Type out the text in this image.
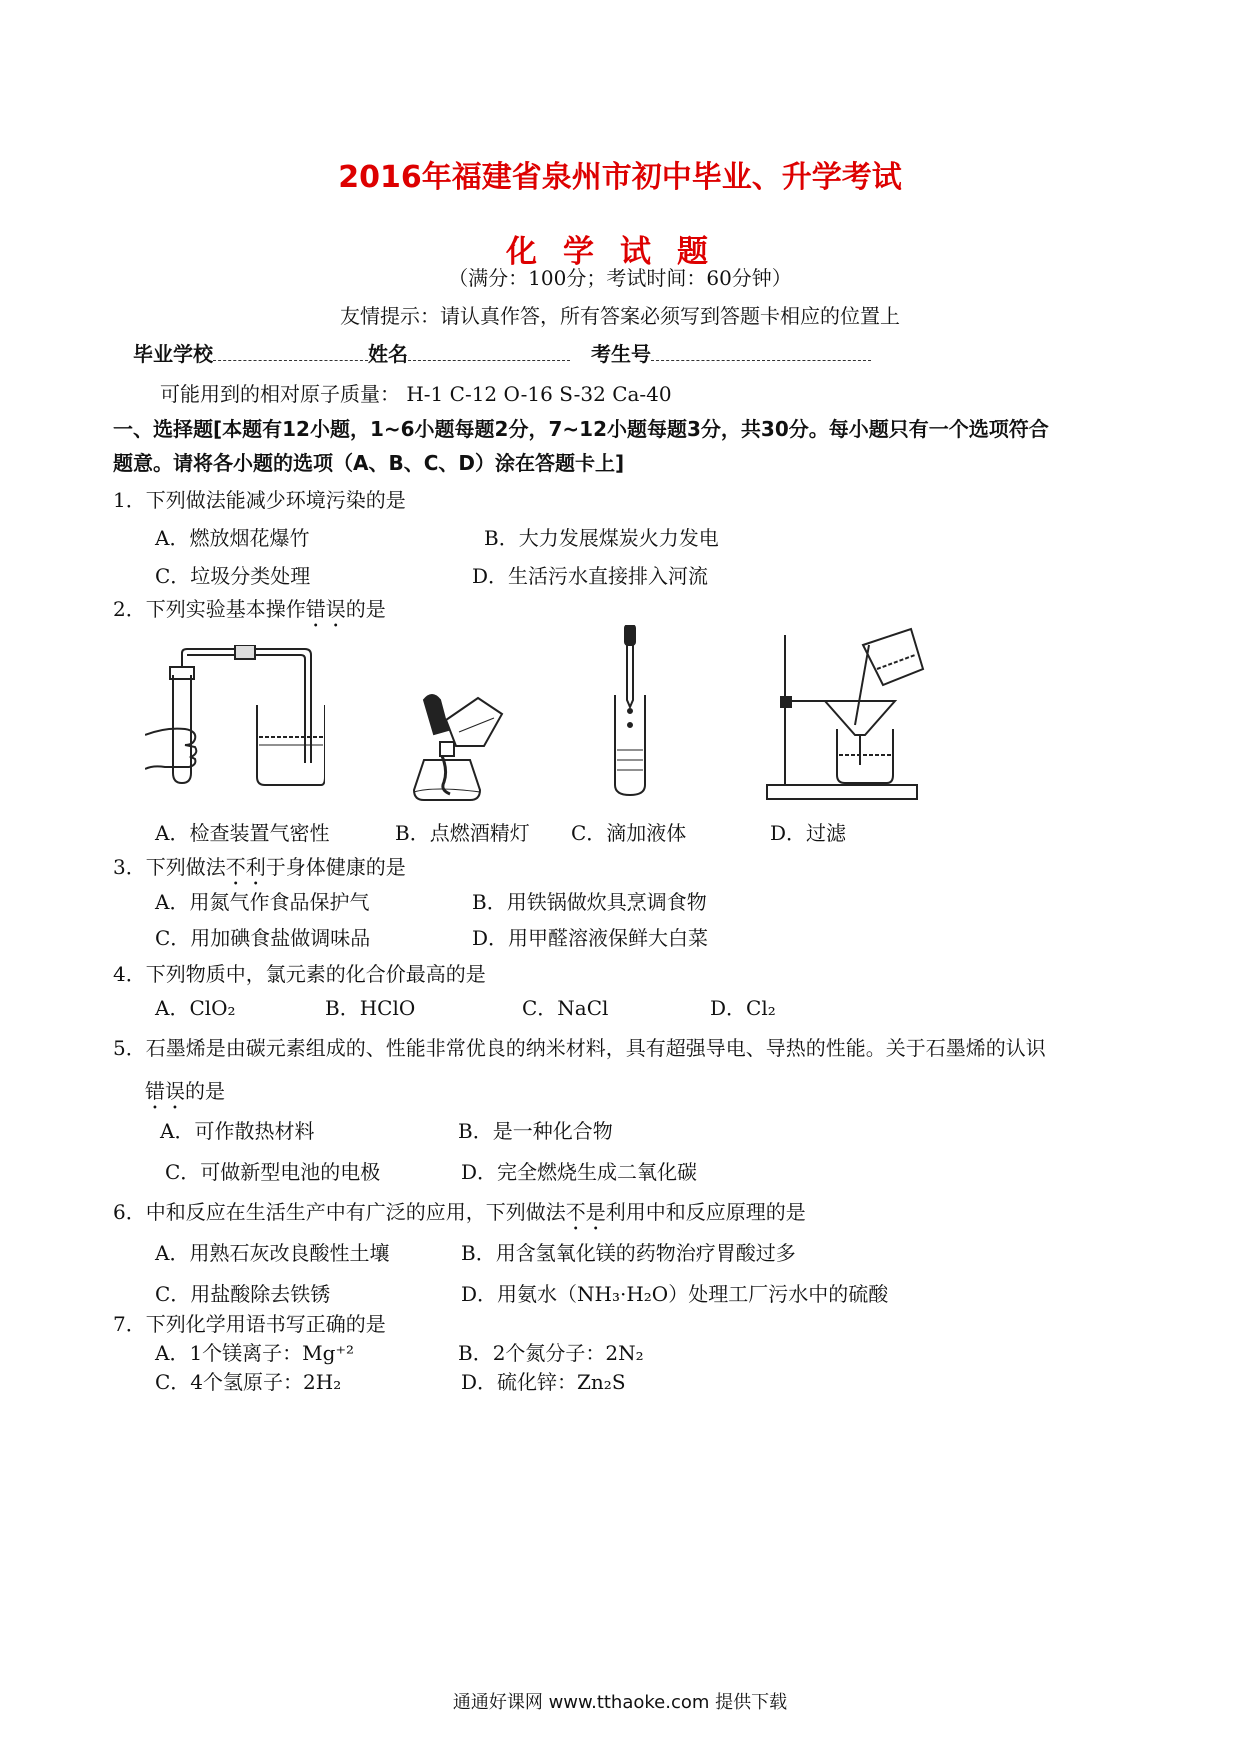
2016年福建省泉州市初中毕业、升学考试
化学试题
（满分：100分；考试时间：60分钟）
友情提示：请认真作答，所有答案必须写到答题卡相应的位置上
毕业学校	姓名	考生号
可能用到的相对原子质量： H-1 C-12 O-16 S-32 Ca-40
一、选择题[本题有12小题，1~6小题每题2分，7~12小题每题3分，共30分。每小题只有一个选项符合
题意。请将各小题的选项（A、B、C、D）涂在答题卡上]
1．下列做法能减少环境污染的是
A．燃放烟花爆竹	B．大力发展煤炭火力发电
C．垃圾分类处理	D．生活污水直接排入河流
2．下列实验基本操作错误的是
A．检查装置气密性	B．点燃酒精灯 C．滴加液体	D．过滤
3．下列做法不利于身体健康的是
A．用氮气作食品保护气	B．用铁锅做炊具烹调食物
C．用加碘食盐做调味品	D．用甲醛溶液保鲜大白菜
4．下列物质中，氯元素的化合价最高的是
A．ClO₂	B．HClO	C．NaCl	D．Cl₂
5．石墨烯是由碳元素组成的、性能非常优良的纳米材料，具有超强导电、导热的性能。关于石墨烯的认识
错误的是
A．可作散热材料	B．是一种化合物
C．可做新型电池的电极	D．完全燃烧生成二氧化碳
6．中和反应在生活生产中有广泛的应用，下列做法不是利用中和反应原理的是
A．用熟石灰改良酸性土壤	B．用含氢氧化镁的药物治疗胃酸过多
C．用盐酸除去铁锈	D．用氨水（NH₃·H₂O）处理工厂污水中的硫酸
7．下列化学用语书写正确的是
A．1个镁离子：Mg⁺²	B．2个氮分子：2N₂
C．4个氢原子：2H₂	D．硫化锌：Zn₂S
通通好课网 www.tthaoke.com 提供下载
